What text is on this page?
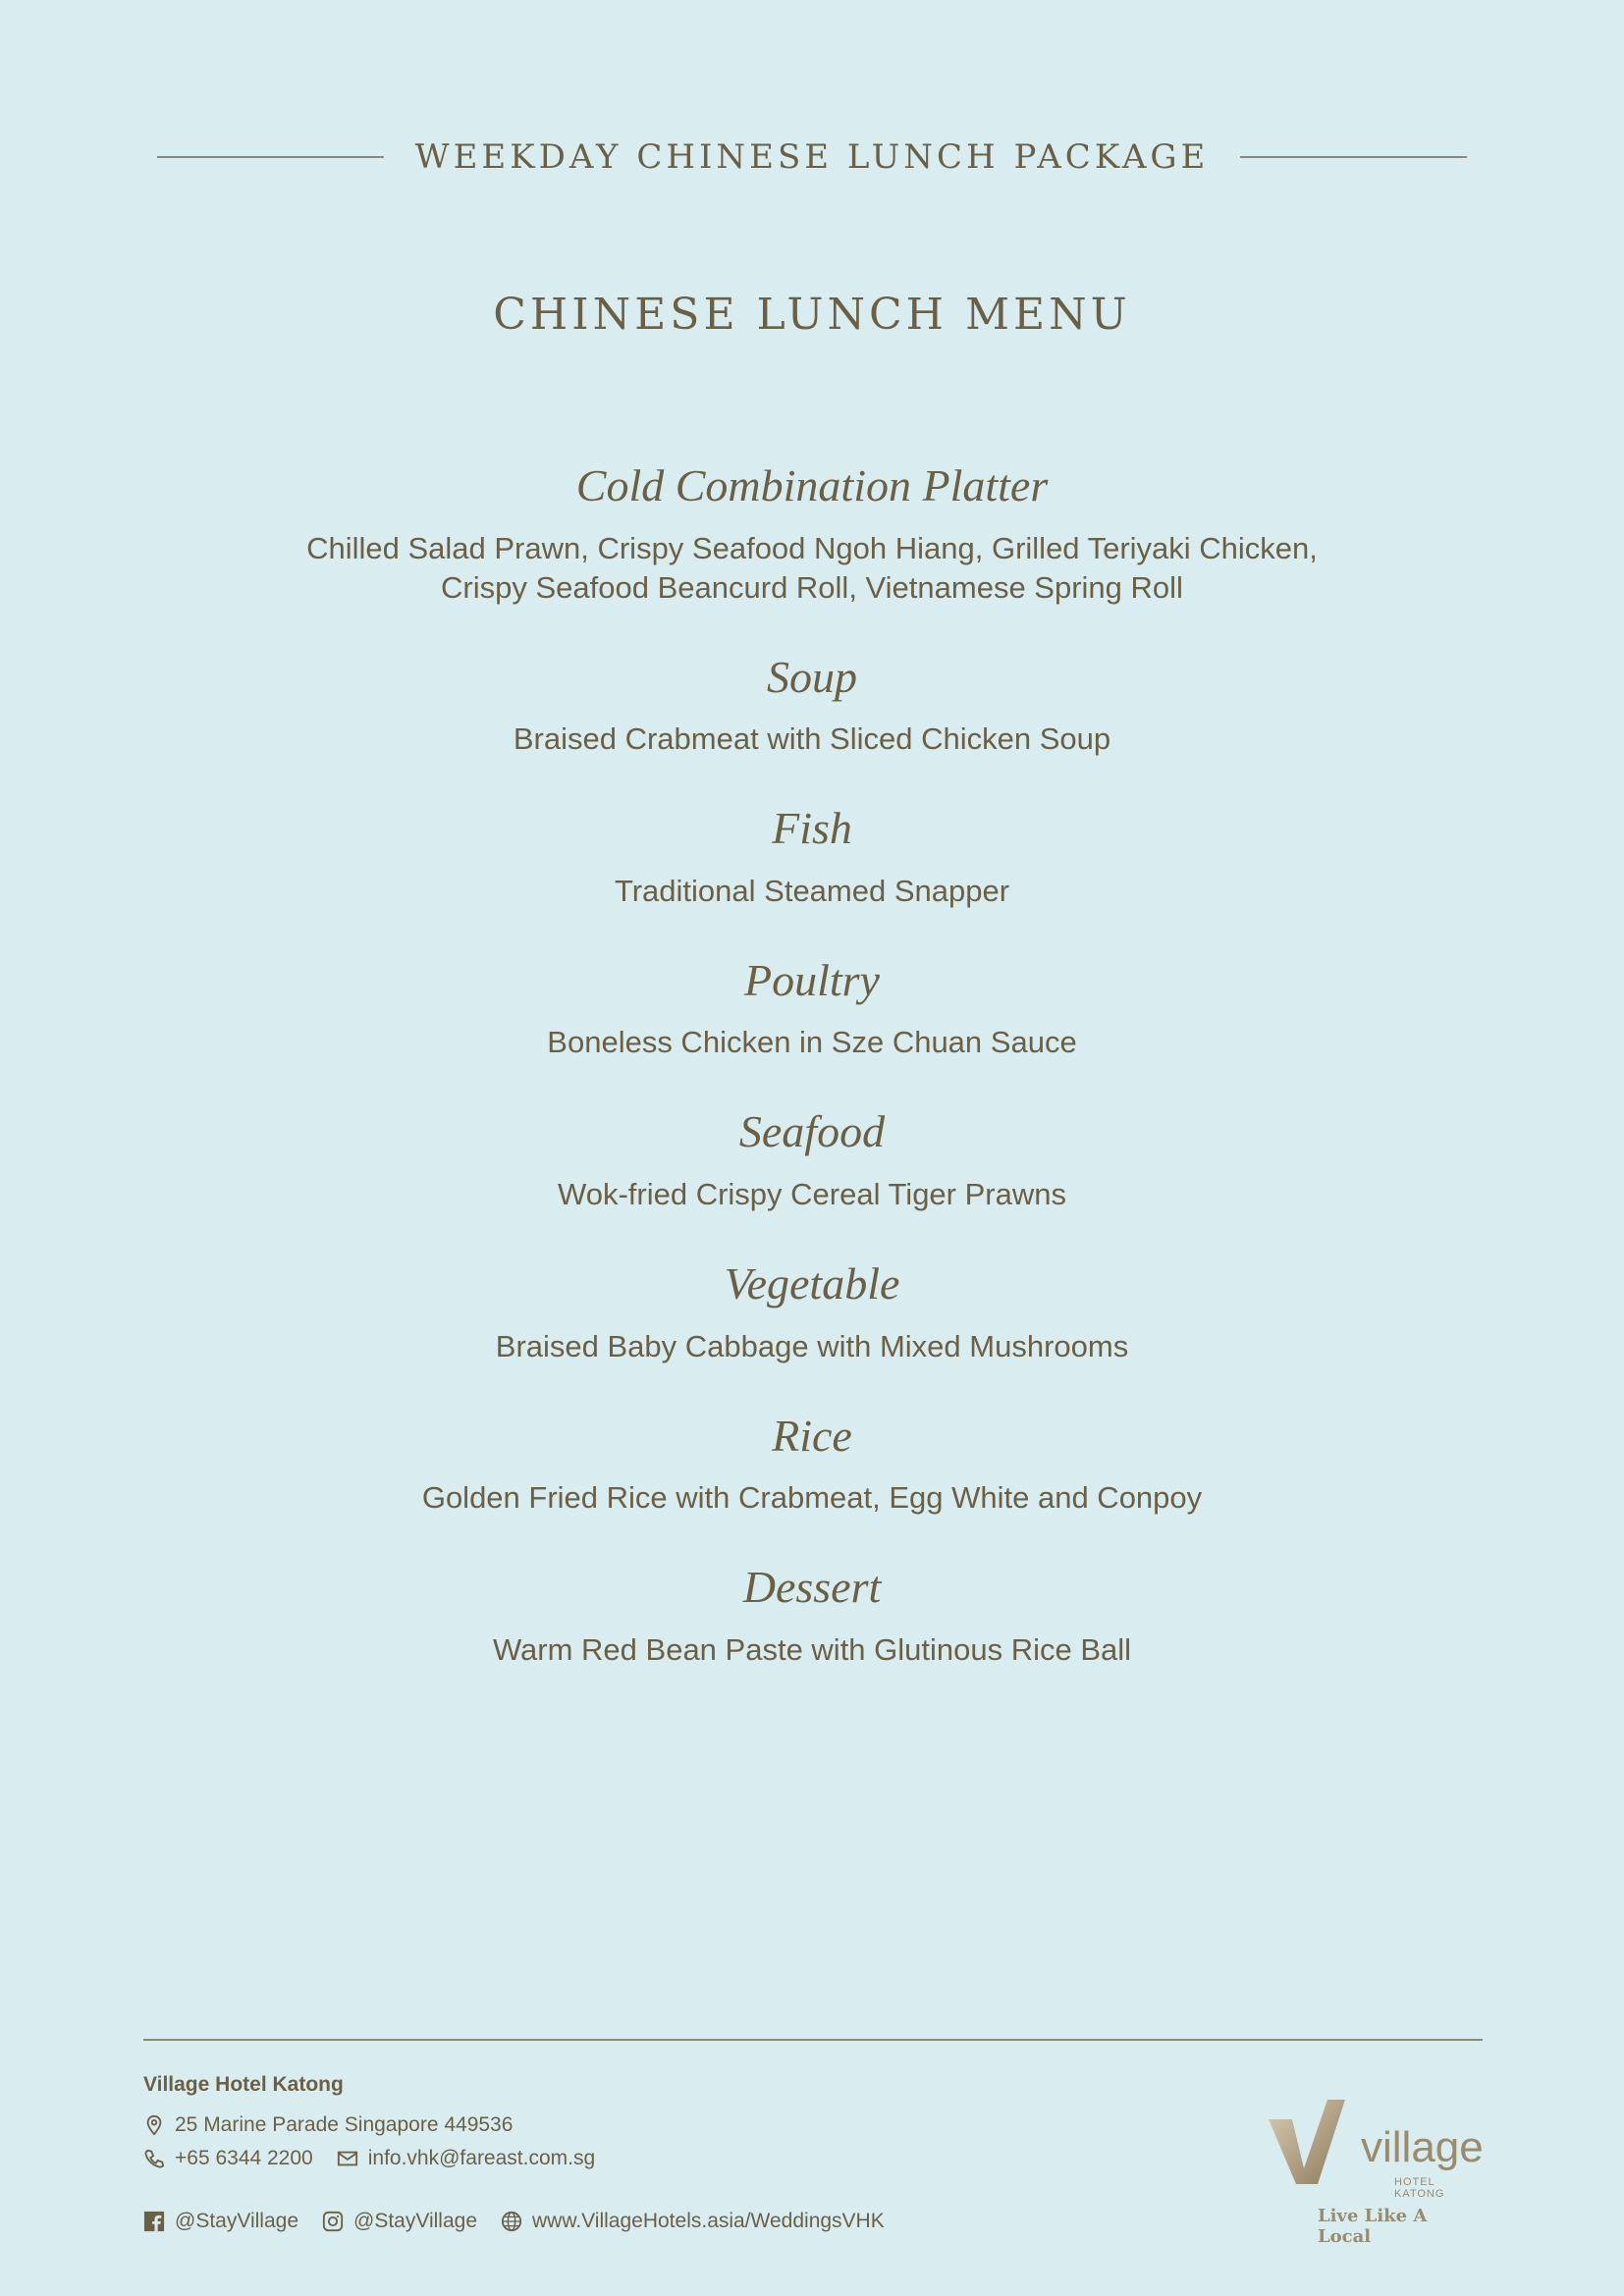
WEEKDAY CHINESE LUNCH PACKAGE
CHINESE LUNCH MENU

Cold Combination Platter

Chilled Salad Prawn, Crispy Seafood Ngoh Hiang, Grilled Teriyaki Chicken,

Crispy Seafood Beancurd Roll, Vietnamese Spring Roll

Soup

Braised Crabmeat with Sliced Chicken Soup

Fish

Traditional Steamed Snapper

Poultry

Boneless Chicken in Sze Chuan Sauce

Seafood

Wok-fried Crispy Cereal Tiger Prawns

Vegetable

Braised Baby Cabbage with Mixed Mushrooms

Rice

Golden Fried Rice with Crabmeat, Egg White and Conpoy

Dessert

Warm Red Bean Paste with Glutinous Rice Ball

Village Hotel Katong
25 Marine Parade Singapore 449536
+65 6344 2200	info.vhk@fareast.com.sg
@StayVillage	@StayVillage	www.VillageHotels.asia/WeddingsVHK
village
HOTEL KATONG
Live Like A Local
